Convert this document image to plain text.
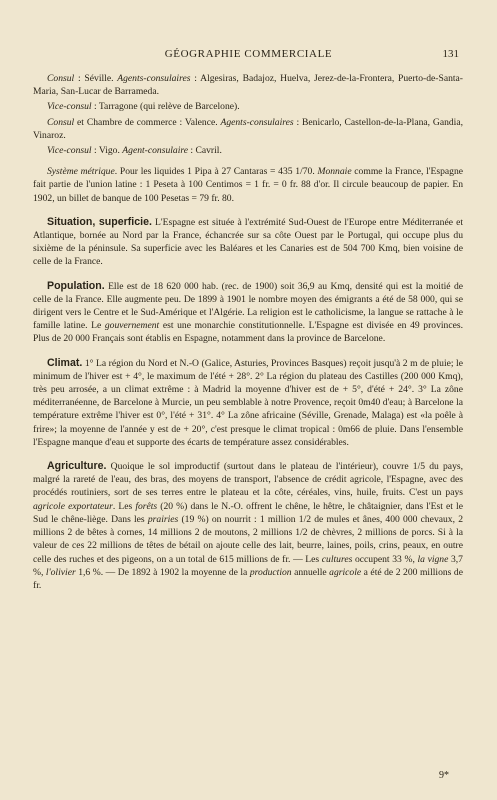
GÉOGRAPHIE COMMERCIALE	131

Consul : Séville. Agents-consulaires : Algesiras, Badajoz, Huelva, Jerez-de-la-Frontera, Puerto-de-Santa-Maria, San-Lucar de Barrameda.

Vice-consul : Tarragone (qui relève de Barcelone).

Consul et Chambre de commerce : Valence. Agents-consulaires : Benicarlo, Castellon-de-la-Plana, Gandia, Vinaroz.

Vice-consul : Vigo. Agent-consulaire : Cavril.

Système métrique. Pour les liquides 1 Pipa à 27 Cantaras = 435 1/70. Monnaie comme la France, l'Espagne fait partie de l'union latine : 1 Peseta à 100 Centimos = 1 fr. = 0 fr. 88 d'or. Il circule beaucoup de papier. En 1902, un billet de banque de 100 Pesetas = 79 fr. 80.

Situation, superficie. L'Espagne est située à l'extrémité Sud-Ouest de l'Europe entre Méditerranée et Atlantique, bornée au Nord par la France, échancrée sur sa côte Ouest par le Portugal, qui occupe plus du sixième de la péninsule. Sa superficie avec les Baléares et les Canaries est de 504 700 Kmq, bien voisine de celle de la France.

Population. Elle est de 18 620 000 hab. (rec. de 1900) soit 36,9 au Kmq, densité qui est la moitié de celle de la France. Elle augmente peu. De 1899 à 1901 le nombre moyen des émigrants a été de 58 000, qui se dirigent vers le Centre et le Sud-Amérique et l'Algérie. La religion est le catholicisme, la langue se rattache à le famille latine. Le gouvernement est une monarchie constitutionnelle. L'Espagne est divisée en 49 provinces. Plus de 20 000 Français sont établis en Espagne, notamment dans la province de Barcelone.

Climat. 1° La région du Nord et N.-O (Galice, Asturies, Provinces Basques) reçoit jusqu'à 2 m de pluie; le minimum de l'hiver est + 4°, le maximum de l'été + 28°. 2° La région du plateau des Castilles (200 000 Kmq), très peu arrosée, a un climat extrême : à Madrid la moyenne d'hiver est de + 5°, d'été + 24°. 3° La zône méditerranéenne, de Barcelone à Murcie, un peu semblable à notre Provence, reçoit 0m40 d'eau; à Barcelone la température extrême l'hiver est 0°, l'été + 31°. 4° La zône africaine (Séville, Grenade, Malaga) est «la poêle à frire»; la moyenne de l'année y est de + 20°, c'est presque le climat tropical : 0m66 de pluie. Dans l'ensemble l'Espagne manque d'eau et supporte des écarts de température assez considérables.

Agriculture. Quoique le sol improductif (surtout dans le plateau de l'intérieur), couvre 1/5 du pays, malgré la rareté de l'eau, des bras, des moyens de transport, l'absence de crédit agricole, l'Espagne, avec des procédés routiniers, sort de ses terres entre le plateau et la côte, céréales, vins, huile, fruits. C'est un pays agricole exportateur. Les forêts (20 %) dans le N.-O. offrent le chêne, le hêtre, le châtaignier, dans l'Est et le Sud le chêne-liège. Dans les prairies (19 %) on nourrit : 1 million 1/2 de mules et ânes, 400 000 chevaux, 2 millions 2 de bêtes à cornes, 14 millions 2 de moutons, 2 millions 1/2 de chèvres, 2 millions de porcs. Si à la valeur de ces 22 millions de têtes de bétail on ajoute celle des lait, beurre, laines, poils, crins, peaux, en outre celle des ruches et des pigeons, on a un total de 615 millions de fr. — Les cultures occupent 33 %, la vigne 3,7 %, l'olivier 1,6 %. — De 1892 à 1902 la moyenne de la production annuelle agricole a été de 2 200 millions de fr.

9*
